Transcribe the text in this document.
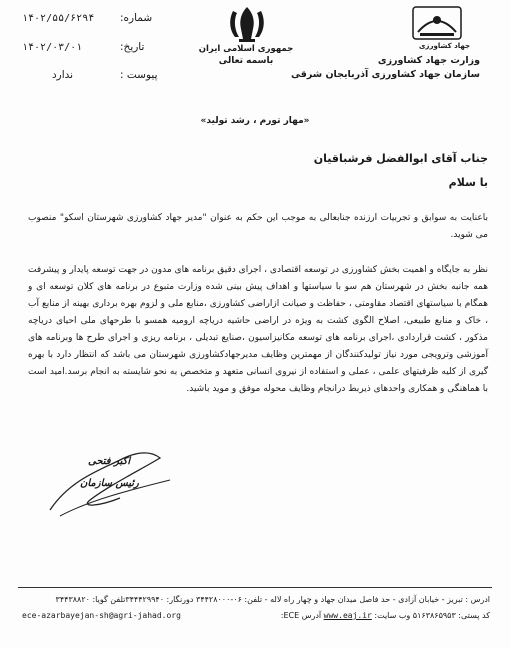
شماره:
۱۴۰۲/۵۵/۶۲۹۴
تاریخ:
۱۴۰۲/۰۳/۰۱
پیوست :
ندارد
جمهوری اسلامی ایران
باسمه تعالی
جهاد کشاورزی
وزارت جهاد کشاورزی
سازمان جهاد کشاورزی آذربایجان شرقی
«مهار تورم ، رشد تولید»
جناب آقای ابوالفضل فرشباقیان
با سلام
باعنایت به سوابق و تجربیات ارزنده جنابعالی به موجب این حکم به عنوان "مدیر جهاد کشاورزی شهرستان اسکو" منصوب می شوید.
نظر به جایگاه و اهمیت بخش کشاورزی در توسعه اقتصادی ، اجرای دقیق برنامه های مدون در جهت توسعه پایدار و پیشرفت همه جانبه بخش در شهرستان هم سو با سیاستها و اهداف پیش بینی شده وزارت متبوع در برنامه های کلان توسعه ای و همگام با سیاستهای اقتصاد مقاومتی ، حفاظت و صیانت ازاراضی کشاورزی ،منابع ملی و لزوم بهره برداری بهینه از منابع آب ، خاک و منابع طبیعی، اصلاح الگوی کشت به ویژه در اراضی حاشیه دریاچه ارومیه همسو با طرحهای ملی احیای دریاچه مذکور ، کشت قراردادی ،اجرای برنامه های توسعه مکانیزاسیون ،صنایع تبدیلی ، برنامه ریزی و اجرای طرح ها وبرنامه های آموزشی وترویجی مورد نیاز تولیدکنندگان از مهمترین وظایف مدیرجهادکشاورزی شهرستان می باشد که انتظار دارد با بهره گیری از کلیه ظرفیتهای علمی ، عملی و استفاده از نیروی انسانی متعهد و متخصص به نحو شایسته به انجام برسد.امید است با هماهنگی و همکاری واحدهای ذیربط درانجام وظایف محوله موفق و موید باشید.
اکبر فتحی
رئیس سازمان
ادرس : تبریز - خیابان آزادی - حد فاصل میدان جهاد و چهار راه لاله - تلفن: ۰۶-۳۴۴۲۸۰۰۰ دورنگار: ۳۴۴۴۲۹۹۴۰تلفن گویا: ۳۴۴۳۸۸۲۰
کد پستی: ۵۱۶۳۸۶۵۹۵۳ وب سایت: www.eaj.ir آدرس ECE:
ece-azarbayejan-sh@agri-jahad.org
